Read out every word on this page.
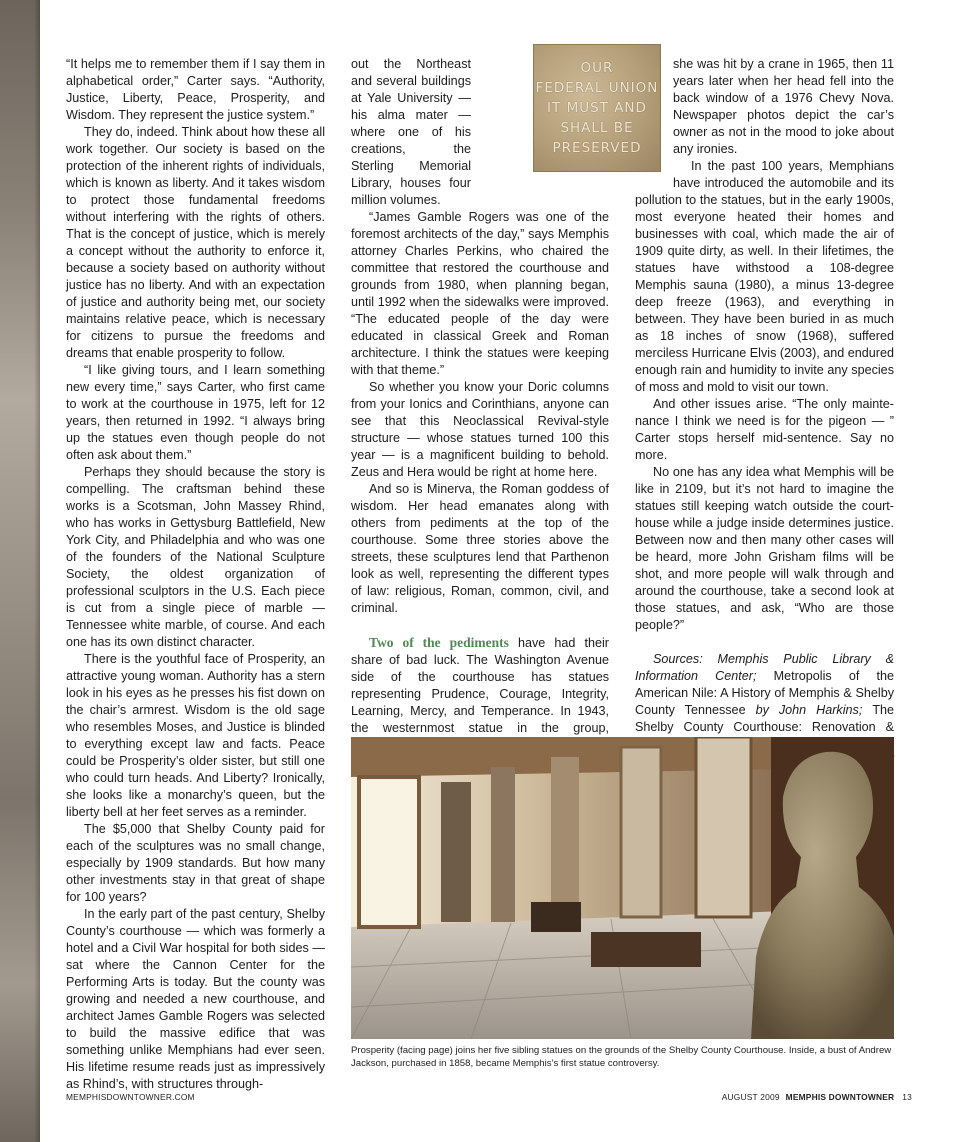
“It helps me to remember them if I say them in alphabetical order,” Carter says. “Authority, Justice, Liberty, Peace, Prosperity, and Wisdom. They represent the justice system.”

They do, indeed. Think about how these all work together. Our society is based on the protection of the inherent rights of individuals, which is known as liberty. And it takes wisdom to protect those fundamental freedoms without interfering with the rights of others. That is the concept of justice, which is merely a concept without the authority to enforce it, because a society based on authority without justice has no liberty. And with an expectation of justice and authority being met, our society maintains relative peace, which is necessary for citizens to pursue the freedoms and dreams that enable prosperity to follow.

“I like giving tours, and I learn something new every time,” says Carter, who first came to work at the courthouse in 1975, left for 12 years, then returned in 1992. “I always bring up the statues even though people do not often ask about them.”

Perhaps they should because the story is compelling. The craftsman behind these works is a Scotsman, John Massey Rhind, who has works in Gettysburg Battlefield, New York City, and Philadelphia and who was one of the founders of the National Sculpture Society, the oldest organization of professional sculptors in the U.S. Each piece is cut from a single piece of marble — Tennessee white marble, of course. And each one has its own distinct character.

There is the youthful face of Prosperity, an attractive young woman. Authority has a stern look in his eyes as he presses his fist down on the chair’s armrest. Wisdom is the old sage who resembles Moses, and Justice is blinded to everything except law and facts. Peace could be Prosperity’s older sister, but still one who could turn heads. And Liberty? Ironically, she looks like a monarchy’s queen, but the liberty bell at her feet serves as a reminder.

The $5,000 that Shelby County paid for each of the sculptures was no small change, especially by 1909 standards. But how many other investments stay in that great of shape for 100 years?

In the early part of the past century, Shelby County’s courthouse — which was formerly a hotel and a Civil War hospital for both sides — sat where the Cannon Center for the Performing Arts is today. But the county was growing and needed a new courthouse, and architect James Gamble Rogers was selected to build the massive edifice that was something unlike Memphians had ever seen. His lifetime resume reads just as impressively as Rhind’s, with structures through-

OUR
FEDERAL UNION
IT MUST AND
SHALL BE
PRESERVED

out the Northeast and several buildings at Yale University — his alma mater — where one of his creations, the Sterling Memorial Library, houses four million volumes.

“James Gamble Rogers was one of the foremost architects of the day,” says Memphis attorney Charles Perkins, who chaired the committee that restored the courthouse and grounds from 1980, when planning began, until 1992 when the sidewalks were improved. “The educated people of the day were educated in classical Greek and Roman architecture. I think the statues were keeping with that theme.”

So whether you know your Doric columns from your Ionics and Corinthians, anyone can see that this Neoclassical Revival-style structure — whose statues turned 100 this year — is a magnificent building to behold. Zeus and Hera would be right at home here.

And so is Minerva, the Roman goddess of wisdom. Her head emanates along with others from pediments at the top of the courthouse. Some three stories above the streets, these sculptures lend that Parthenon look as well, representing the different types of law: religious, Roman, common, civil, and criminal.

Two of the pediments have had their share of bad luck. The Washington Avenue side of the courthouse has statues representing Prudence, Courage, Integrity, Learning, Mercy, and Temperance. In 1943, the westernmost statue in the group,

she was hit by a crane in 1965, then 11 years later when her head fell into the back window of a 1976 Chevy Nova. Newspaper photos depict the car’s owner as not in the mood to joke about any ironies.

In the past 100 years, Memphians have introduced the automobile and its pollution to the statues, but in the early 1900s, most everyone heated their homes and businesses with coal, which made the air of 1909 quite dirty, as well. In their lifetimes, the statues have withstood a 108-degree Memphis sauna (1980), a minus 13-degree deep freeze (1963), and everything in between. They have been buried in as much as 18 inches of snow (1968), suffered merciless Hurricane Elvis (2003), and endured enough rain and humidity to invite any species of moss and mold to visit our town.

And other issues arise. “The only mainte-nance I think we need is for the pigeon — ” Carter stops herself mid-sentence. Say no more.

No one has any idea what Memphis will be like in 2109, but it’s not hard to imagine the statues still keeping watch outside the court-house while a judge inside determines justice. Between now and then many other cases will be heard, more John Grisham films will be shot, and more people will walk through and around the courthouse, take a second look at those statues, and ask, “Who are those people?”

Sources: Memphis Public Library & Information Center; Metropolis of the American Nile: A History of Memphis & Shelby County Tennessee by John Harkins; The Shelby County Courthouse: Renovation &

Prosperity (facing page) joins her five sibling statues on the grounds of the Shelby County Courthouse. Inside, a bust of Andrew Jackson, purchased in 1858, became Memphis’s first statue controversy.
MEMPHISDOWNTOWNER.COM	AUGUST 2009 MEMPHIS DOWNTOWNER 13
